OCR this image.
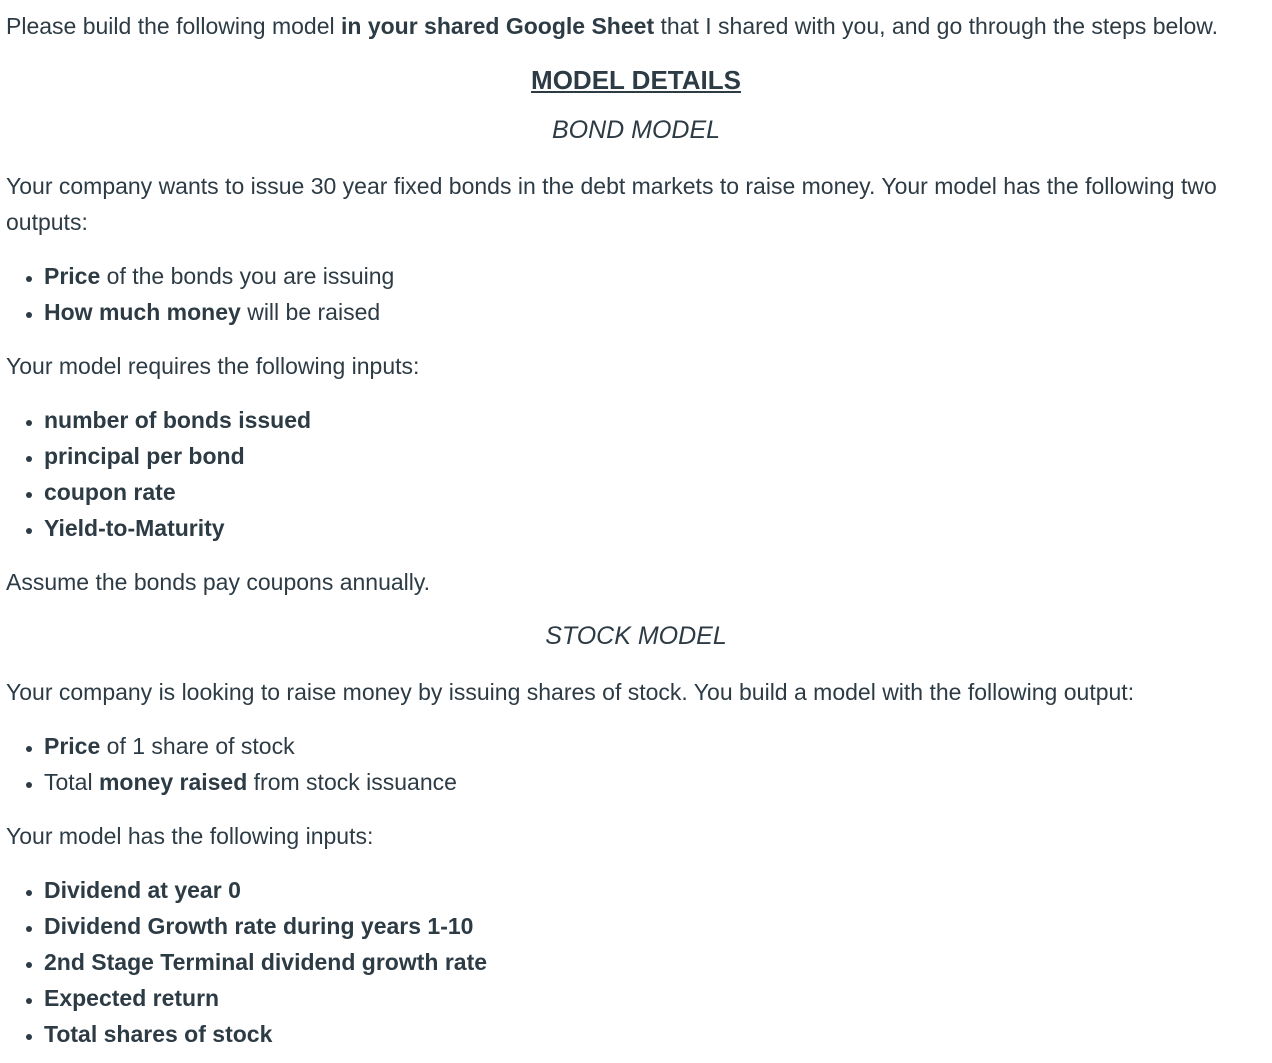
Please build the following model in your shared Google Sheet that I shared with you, and go through the steps below.

MODEL DETAILS
BOND MODEL

Your company wants to issue 30 year fixed bonds in the debt markets to raise money. Your model has the following two outputs:

• Price of the bonds you are issuing
• How much money will be raised

Your model requires the following inputs:

• number of bonds issued
• principal per bond
• coupon rate
• Yield-to-Maturity

Assume the bonds pay coupons annually.

STOCK MODEL

Your company is looking to raise money by issuing shares of stock. You build a model with the following output:

• Price of 1 share of stock
• Total money raised from stock issuance

Your model has the following inputs:

• Dividend at year 0
• Dividend Growth rate during years 1-10
• 2nd Stage Terminal dividend growth rate
• Expected return
• Total shares of stock
